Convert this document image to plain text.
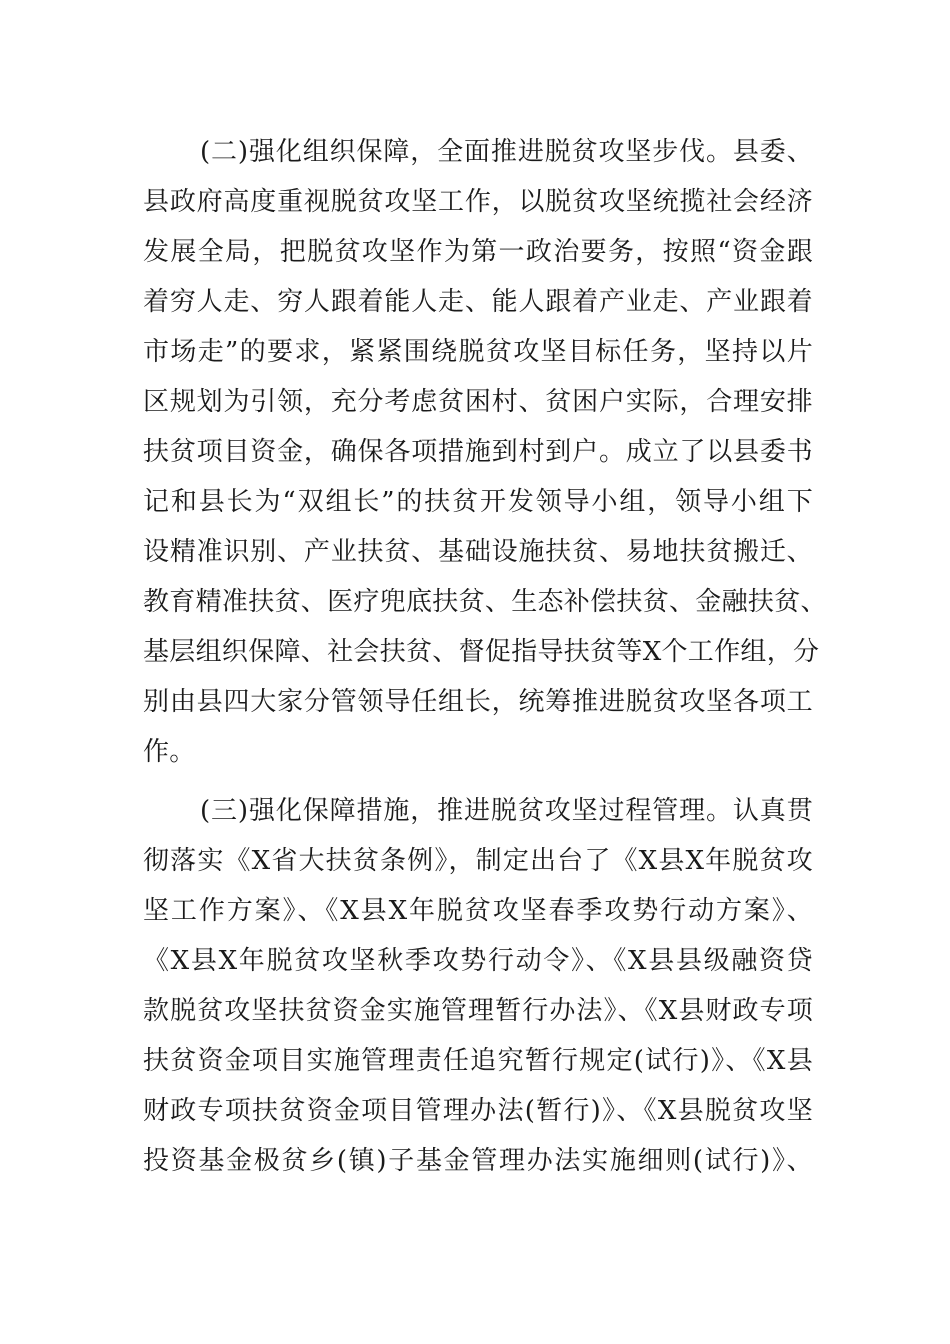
(二)强化组织保障，全面推进脱贫攻坚步伐。县委、
县政府高度重视脱贫攻坚工作，以脱贫攻坚统揽社会经济
发展全局，把脱贫攻坚作为第一政治要务，按照“资金跟
着穷人走、穷人跟着能人走、能人跟着产业走、产业跟着
市场走”的要求，紧紧围绕脱贫攻坚目标任务，坚持以片
区规划为引领，充分考虑贫困村、贫困户实际，合理安排
扶贫项目资金，确保各项措施到村到户。成立了以县委书
记和县长为“双组长”的扶贫开发领导小组，领导小组下
设精准识别、产业扶贫、基础设施扶贫、易地扶贫搬迁、
教育精准扶贫、医疗兜底扶贫、生态补偿扶贫、金融扶贫、
基层组织保障、社会扶贫、督促指导扶贫等X个工作组，分
别由县四大家分管领导任组长，统筹推进脱贫攻坚各项工
作。
(三)强化保障措施，推进脱贫攻坚过程管理。认真贯
彻落实《X省大扶贫条例》，制定出台了《X县X年脱贫攻
坚工作方案》、《X县X年脱贫攻坚春季攻势行动方案》、
《X县X年脱贫攻坚秋季攻势行动令》、《X县县级融资贷
款脱贫攻坚扶贫资金实施管理暂行办法》、《X县财政专项
扶贫资金项目实施管理责任追究暂行规定(试行)》、《X县
财政专项扶贫资金项目管理办法(暂行)》、《X县脱贫攻坚
投资基金极贫乡(镇)子基金管理办法实施细则(试行)》、
